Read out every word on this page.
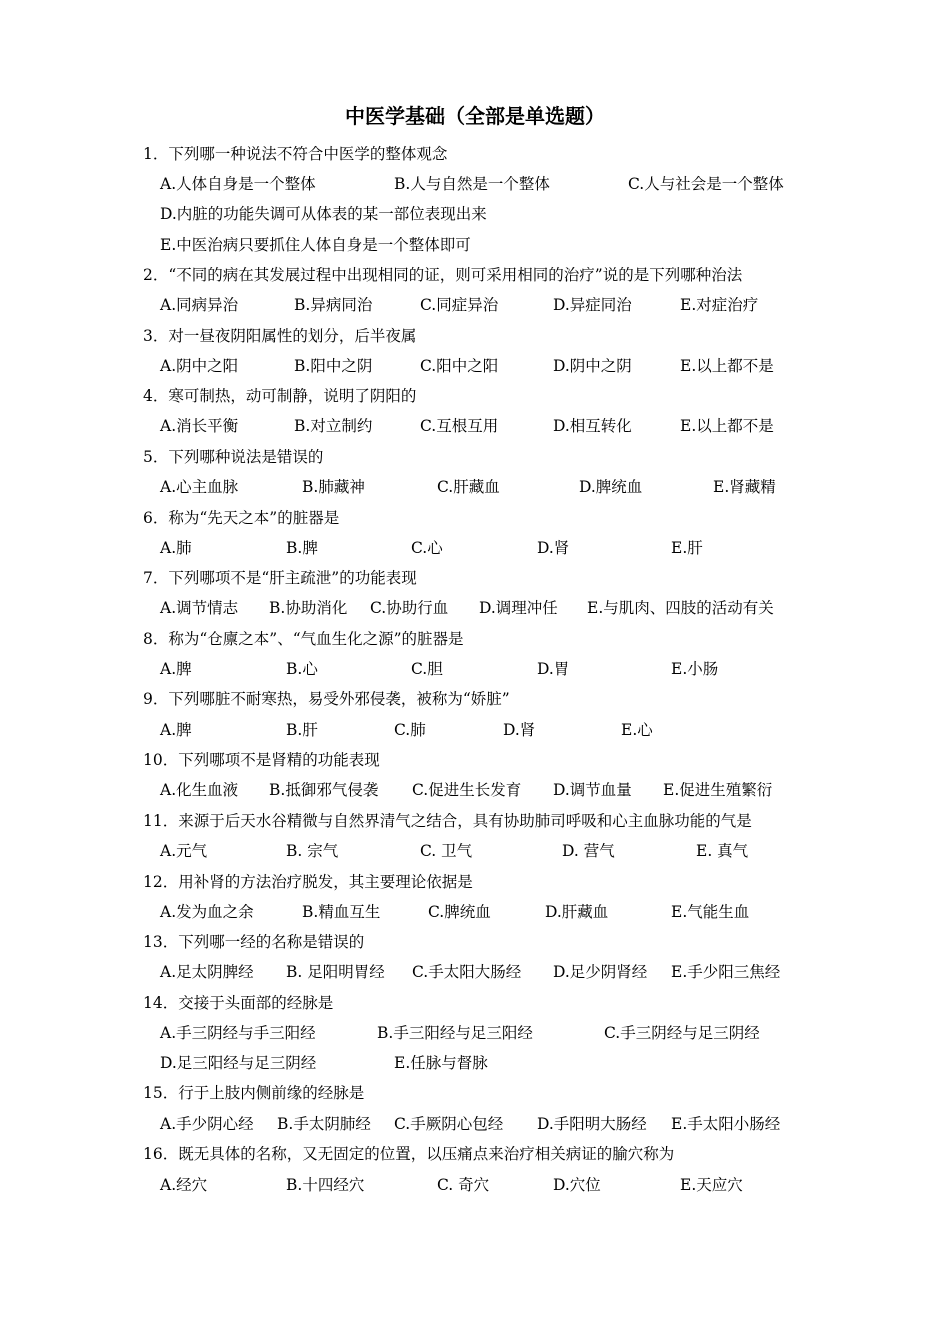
中医学基础（全部是单选题）
1．下列哪一种说法不符合中医学的整体观念
A.人体自身是一个整体	B.人与自然是一个整体	C.人与社会是一个整体
D.内脏的功能失调可从体表的某一部位表现出来
E.中医治病只要抓住人体自身是一个整体即可
2．“不同的病在其发展过程中出现相同的证，则可采用相同的治疗”说的是下列哪种治法
A.同病异治	B.异病同治	C.同症异治	D.异症同治	E.对症治疗
3．对一昼夜阴阳属性的划分，后半夜属
A.阴中之阳	B.阳中之阴	C.阳中之阳	D.阴中之阴	E.以上都不是
4．寒可制热，动可制静，说明了阴阳的
A.消长平衡	B.对立制约	C.互根互用	D.相互转化	E.以上都不是
5．下列哪种说法是错误的
A.心主血脉	B.肺藏神	C.肝藏血	D.脾统血	E.肾藏精
6．称为“先天之本”的脏器是
A.肺	B.脾	C.心	D.肾	E.肝
7．下列哪项不是“肝主疏泄”的功能表现
A.调节情志 B.协助消化 C.协助行血 D.调理冲任 E.与肌肉、四肢的活动有关
8．称为“仓廪之本”、“气血生化之源”的脏器是
A.脾	B.心	C.胆	D.胃	E.小肠
9．下列哪脏不耐寒热，易受外邪侵袭，被称为“娇脏”
A.脾	B.肝	C.肺	D.肾	E.心
10．下列哪项不是肾精的功能表现
A.化生血液 B.抵御邪气侵袭 C.促进生长发育 D.调节血量 E.促进生殖繁衍
11．来源于后天水谷精微与自然界清气之结合，具有协助肺司呼吸和心主血脉功能的气是
A.元气	B. 宗气	C. 卫气	D. 营气	E. 真气
12．用补肾的方法治疗脱发，其主要理论依据是
A.发为血之余	B.精血互生	C.脾统血	D.肝藏血	E.气能生血
13．下列哪一经的名称是错误的
A.足太阴脾经 B. 足阳明胃经 C.手太阳大肠经 D.足少阴肾经 E.手少阳三焦经
14．交接于头面部的经脉是
A.手三阴经与手三阳经	B.手三阳经与足三阳经	C.手三阴经与足三阴经
D.足三阳经与足三阴经	E.任脉与督脉
15．行于上肢内侧前缘的经脉是
A.手少阴心经 B.手太阴肺经 C.手厥阴心包经 D.手阳明大肠经 E.手太阳小肠经
16．既无具体的名称，又无固定的位置，以压痛点来治疗相关病证的腧穴称为
A.经穴	B.十四经穴	C. 奇穴	D.穴位	E.天应穴
